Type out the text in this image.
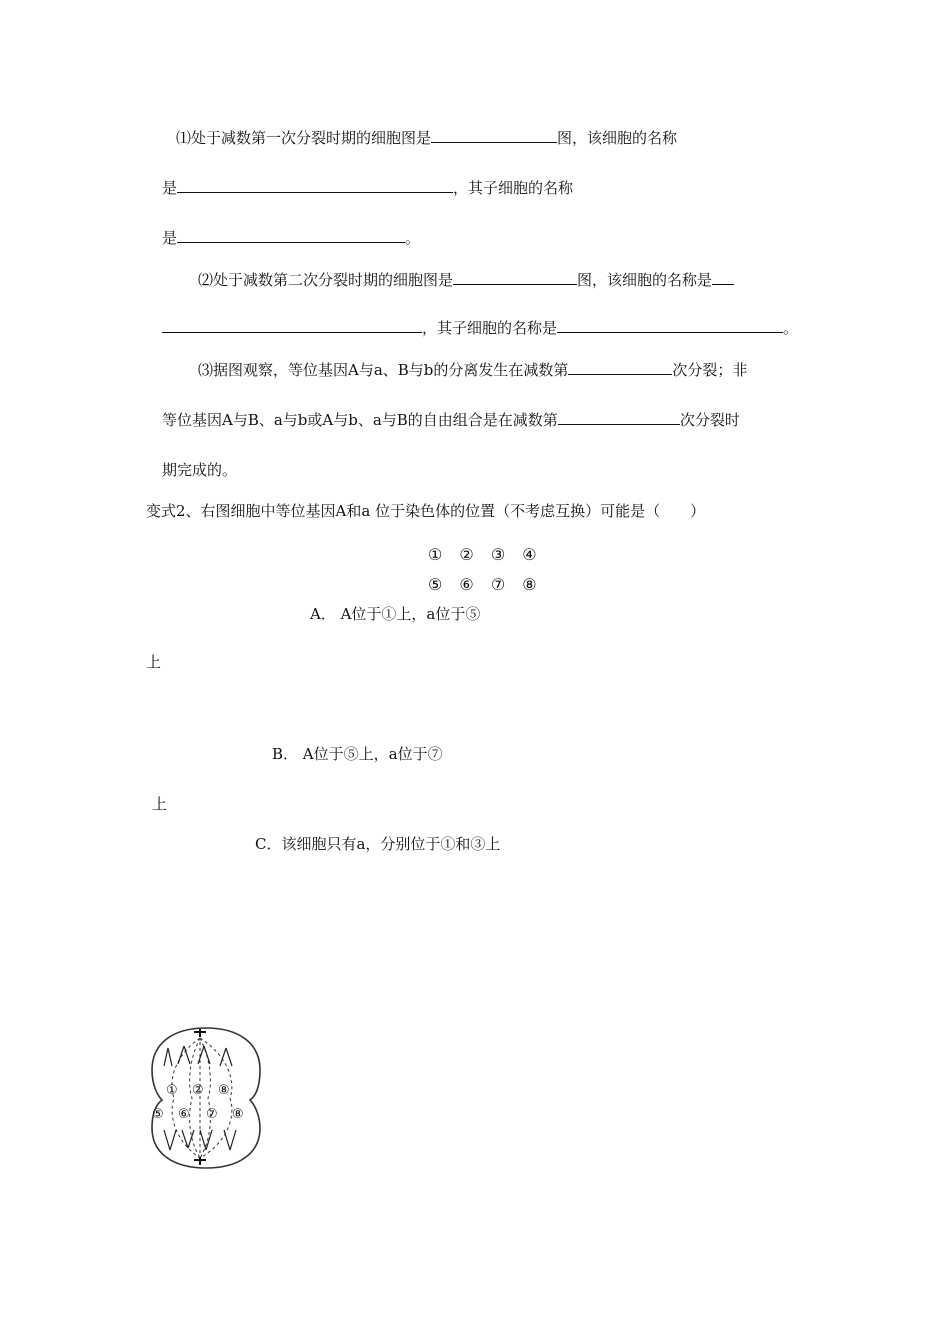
⑴处于减数第一次分裂时期的细胞图是	图，该细胞的名称
是	，其子细胞的名称
是	。
⑵处于减数第二次分裂时期的细胞图是	图，该细胞的名称是
，其子细胞的名称是	。
⑶据图观察，等位基因A与a、B与b的分离发生在减数第	次分裂；非
等位基因A与B、a与b或A与b、a与B的自由组合是在减数第	次分裂时
期完成的。
变式2、右图细胞中等位基因A和a 位于染色体的位置（不考虑互换）可能是（　　）
① ② ③ ④
⑤ ⑥ ⑦ ⑧
A． A位于①上，a位于⑤
上
B． A位于⑤上，a位于⑦
上
C．该细胞只有a，分别位于①和③上
① ② ⑧
⑤ ⑥ ⑦ ⑧
